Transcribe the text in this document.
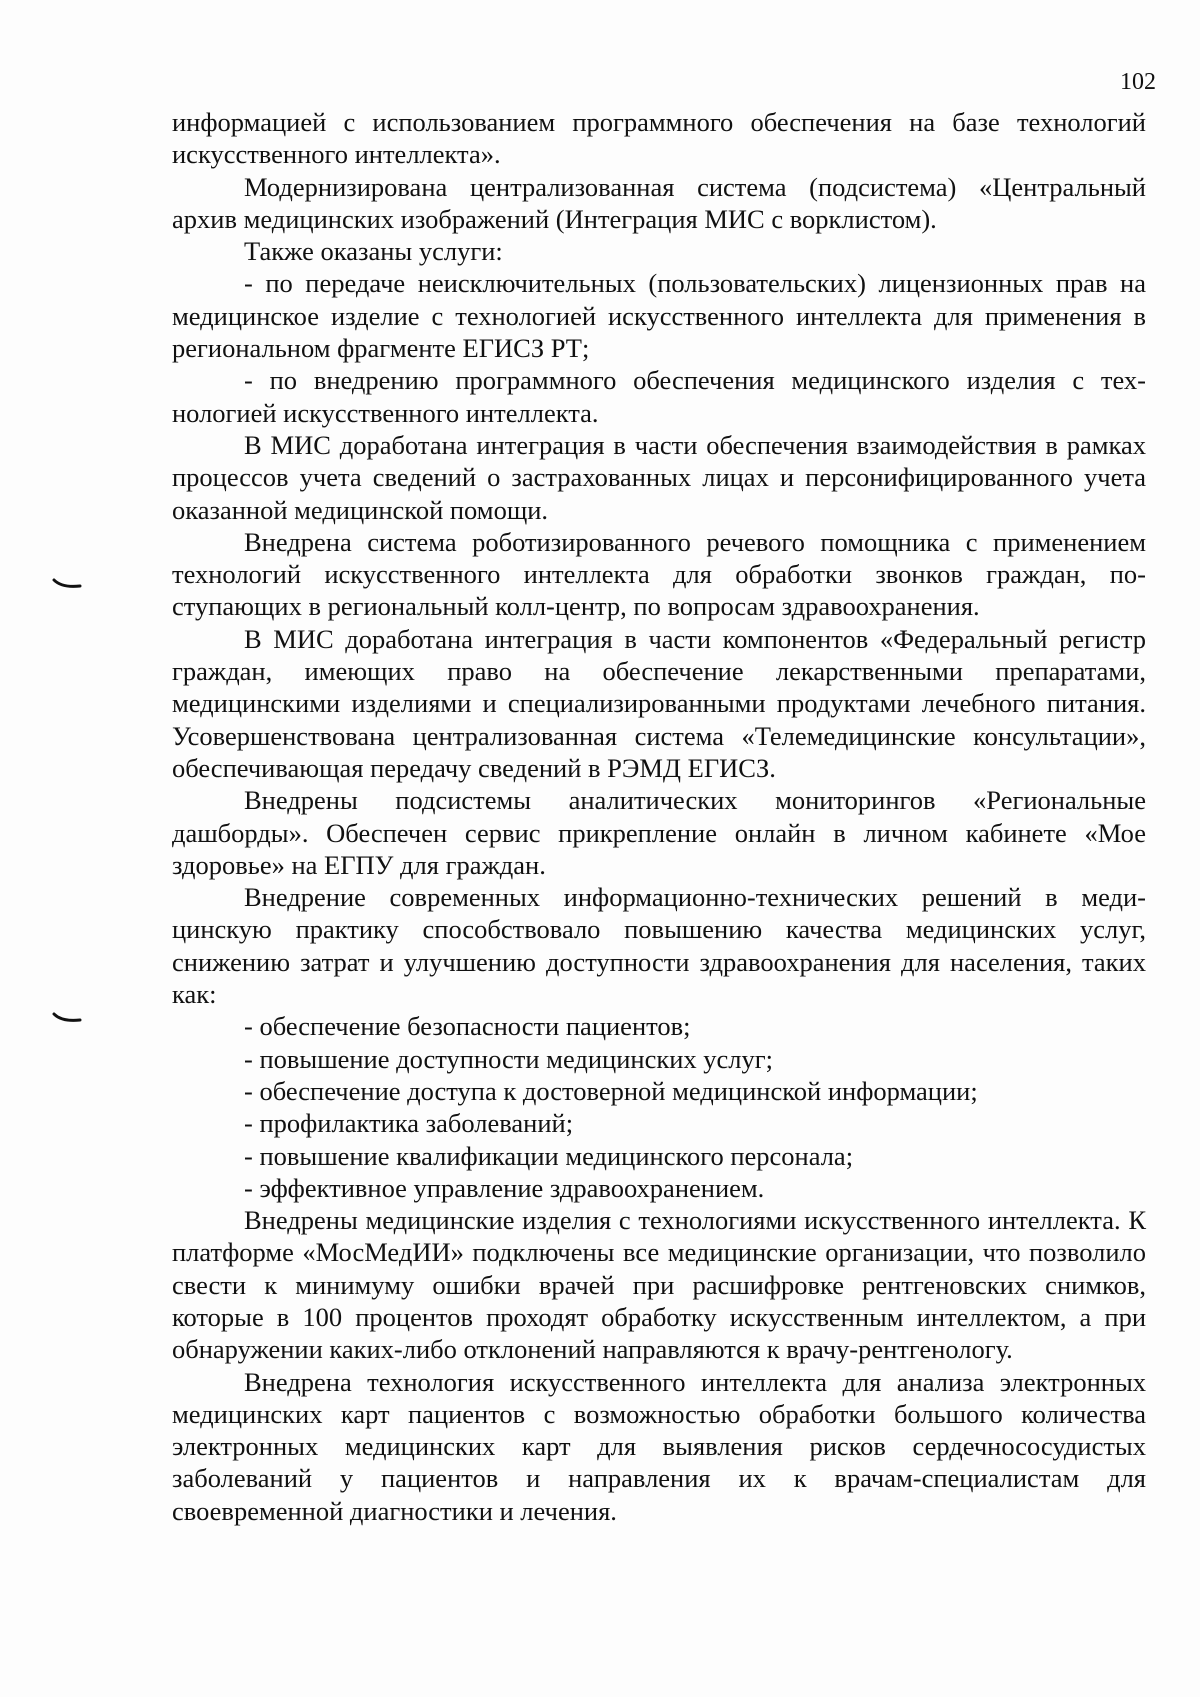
102

информацией с использованием программного обеспечения на базе технологий искусственного интеллекта».

Модернизирована централизованная система (подсистема) «Центральный архив медицинских изображений (Интеграция МИС с ворклистом).

Также оказаны услуги:

- по передаче неисключительных (пользовательских) лицензионных прав на медицинское изделие с технологией искусственного интеллекта для применения в региональном фрагменте ЕГИСЗ РТ;

- по внедрению программного обеспечения медицинского изделия с технологией искусственного интеллекта.

В МИС доработана интеграция в части обеспечения взаимодействия в рамках процессов учета сведений о застрахованных лицах и персонифицированного учета оказанной медицинской помощи.

Внедрена система роботизированного речевого помощника с применением технологий искусственного интеллекта для обработки звонков граждан, поступающих в региональный колл-центр, по вопросам здравоохранения.

В МИС доработана интеграция в части компонентов «Федеральный регистр граждан, имеющих право на обеспечение лекарственными препаратами, медицинскими изделиями и специализированными продуктами лечебного питания. Усовершенствована централизованная система «Телемедицинские консультации», обеспечивающая передачу сведений в РЭМД ЕГИСЗ.

Внедрены подсистемы аналитических мониторингов «Региональные дашборды». Обеспечен сервис прикрепление онлайн в личном кабинете «Мое здоровье» на ЕГПУ для граждан.

Внедрение современных информационно-технических решений в медицинскую практику способствовало повышению качества медицинских услуг, снижению затрат и улучшению доступности здравоохранения для населения, таких как:

- обеспечение безопасности пациентов;

- повышение доступности медицинских услуг;

- обеспечение доступа к достоверной медицинской информации;

- профилактика заболеваний;

- повышение квалификации медицинского персонала;

- эффективное управление здравоохранением.

Внедрены медицинские изделия с технологиями искусственного интеллекта. К платформе «МосМедИИ» подключены все медицинские организации, что позволило свести к минимуму ошибки врачей при расшифровке рентгеновских снимков, которые в 100 процентов проходят обработку искусственным интеллектом, а при обнаружении каких-либо отклонений направляются к врачу-рентгенологу.

Внедрена технология искусственного интеллекта для анализа электронных медицинских карт пациентов с возможностью обработки большого количества электронных медицинских карт для выявления рисков сердечнососудистых заболеваний у пациентов и направления их к врачам-специалистам для своевременной диагностики и лечения.
